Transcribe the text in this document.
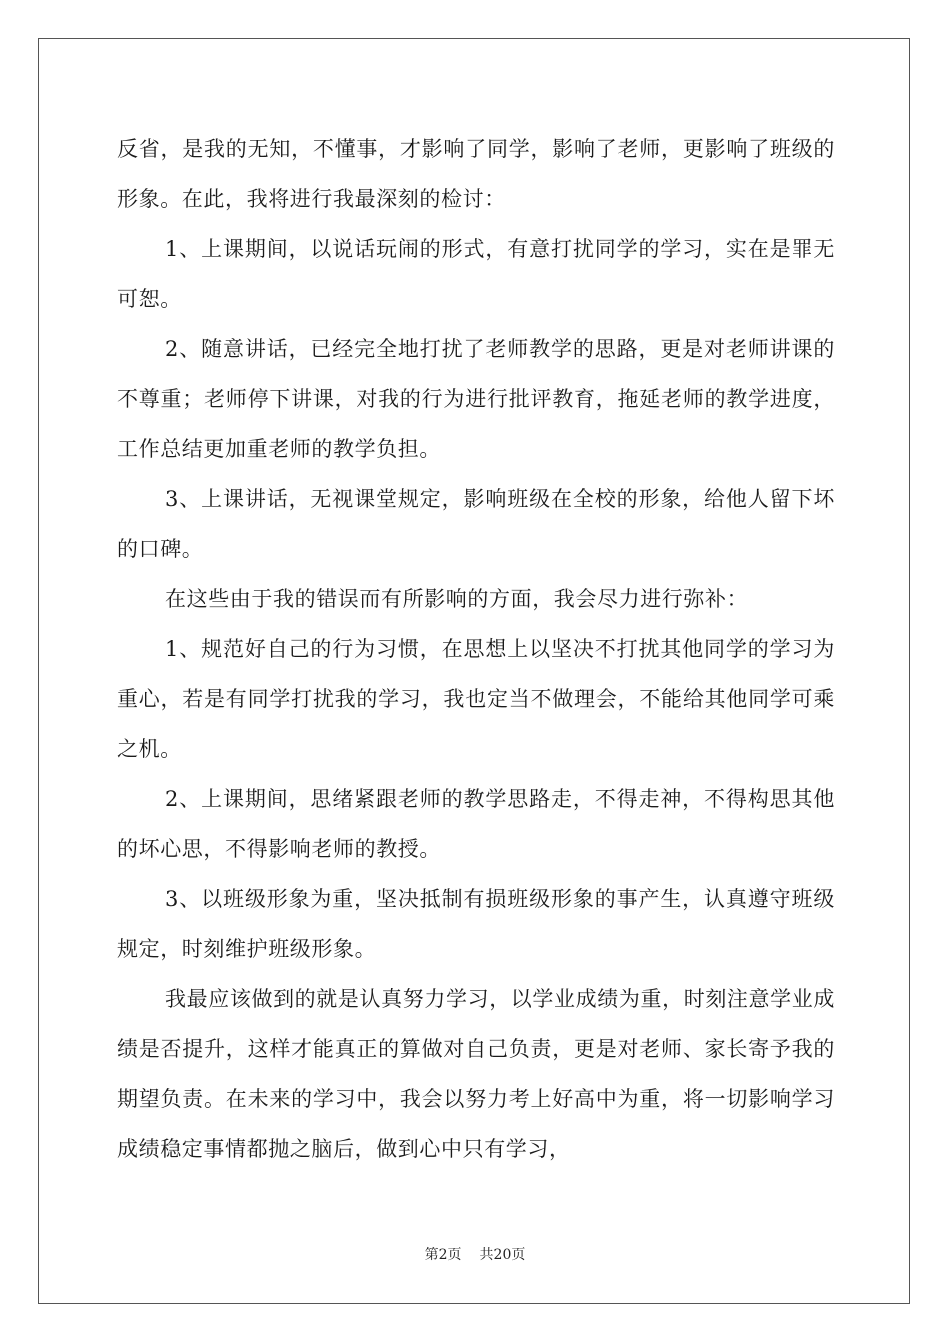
反省，是我的无知，不懂事，才影响了同学，影响了老师，更影响了班级的形象。在此，我将进行我最深刻的检讨：

1、上课期间，以说话玩闹的形式，有意打扰同学的学习，实在是罪无可恕。

2、随意讲话，已经完全地打扰了老师教学的思路，更是对老师讲课的不尊重；老师停下讲课，对我的行为进行批评教育，拖延老师的教学进度，工作总结更加重老师的教学负担。

3、上课讲话，无视课堂规定，影响班级在全校的形象，给他人留下坏的口碑。

在这些由于我的错误而有所影响的方面，我会尽力进行弥补：

1、规范好自己的行为习惯，在思想上以坚决不打扰其他同学的学习为重心，若是有同学打扰我的学习，我也定当不做理会，不能给其他同学可乘之机。

2、上课期间，思绪紧跟老师的教学思路走，不得走神，不得构思其他的坏心思，不得影响老师的教授。

3、以班级形象为重，坚决抵制有损班级形象的事产生，认真遵守班级规定，时刻维护班级形象。

我最应该做到的就是认真努力学习，以学业成绩为重，时刻注意学业成绩是否提升，这样才能真正的算做对自己负责，更是对老师、家长寄予我的期望负责。在未来的学习中，我会以努力考上好高中为重，将一切影响学习成绩稳定事情都抛之脑后，做到心中只有学习，

第2页 共20页
